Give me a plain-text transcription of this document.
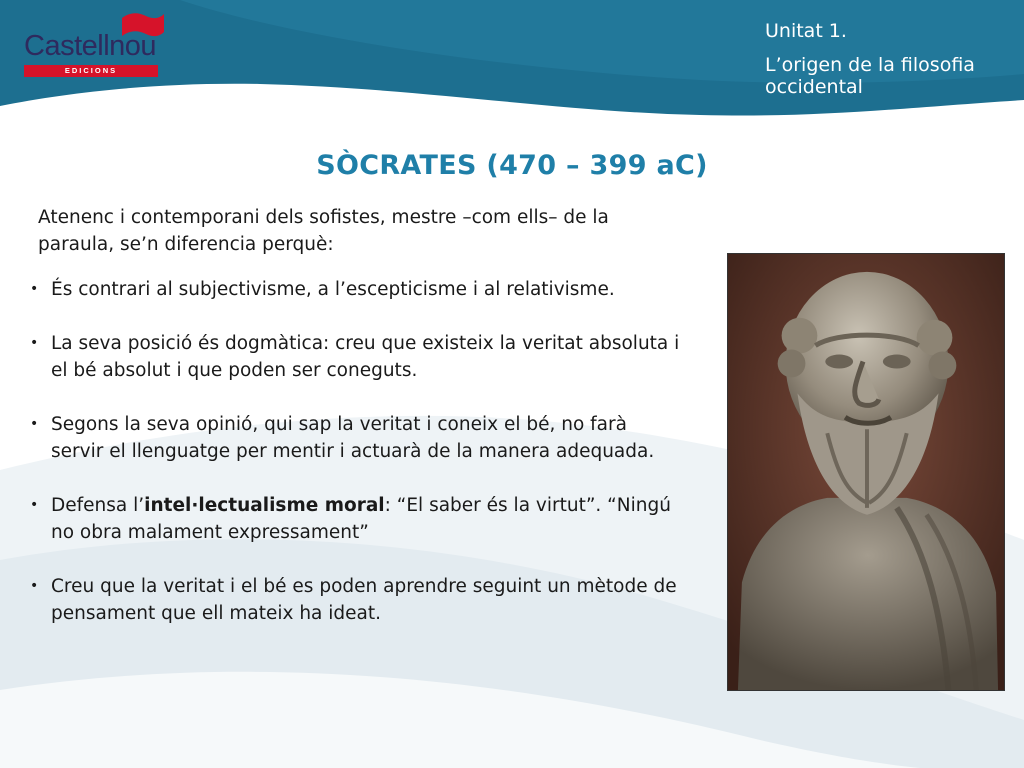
Castellnou
EDICIONS
Unitat 1.
L’origen de la filosofia occidental
SÒCRATES (470 – 399 aC)
Atenenc i contemporani dels sofistes, mestre –com ells– de la paraula, se’n diferencia perquè:
• És contrari al subjectivisme, a l’escepticisme i al relativisme.
• La seva posició és dogmàtica: creu que existeix la veritat absoluta i el bé absolut i que poden ser coneguts.
• Segons la seva opinió, qui sap la veritat i coneix el bé, no farà servir el llenguatge per mentir i actuarà de la manera adequada.
• Defensa l’intel·lectualisme moral: “El saber és la virtut”. “Ningú no obra malament expressament”
• Creu que la veritat i el bé es poden aprendre seguint un mètode de pensament que ell mateix ha ideat.
